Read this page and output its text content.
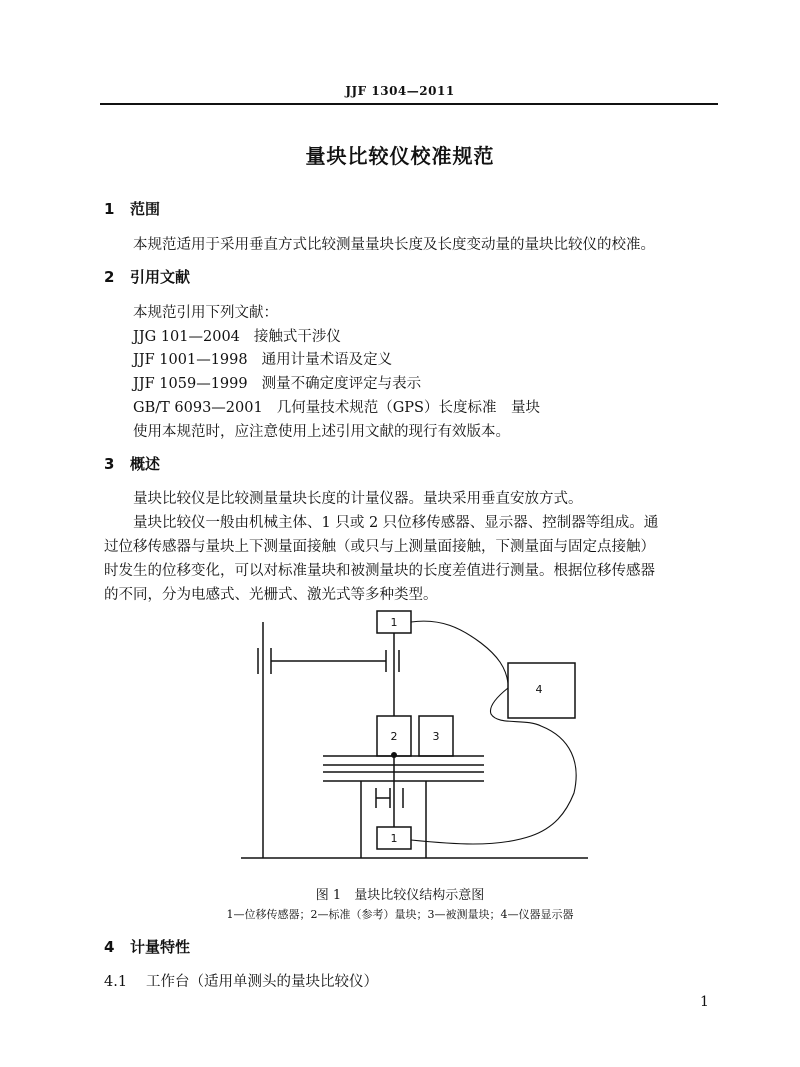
JJF 1304—2011
量块比较仪校准规范
1 范围
本规范适用于采用垂直方式比较测量量块长度及长度变动量的量块比较仪的校准。
2 引用文献
本规范引用下列文献：
JJG 101—2004 接触式干涉仪
JJF 1001—1998 通用计量术语及定义
JJF 1059—1999 测量不确定度评定与表示
GB/T 6093—2001 几何量技术规范（GPS）长度标准　量块
使用本规范时，应注意使用上述引用文献的现行有效版本。
3 概述
量块比较仪是比较测量量块长度的计量仪器。量块采用垂直安放方式。
量块比较仪一般由机械主体、1 只或 2 只位移传感器、显示器、控制器等组成。通
过位移传感器与量块上下测量面接触（或只与上测量面接触，下测量面与固定点接触）
时发生的位移变化，可以对标准量块和被测量块的长度差值进行测量。根据位移传感器
的不同，分为电感式、光栅式、激光式等多种类型。
1
2	3
4
1
图 1　量块比较仪结构示意图
1—位移传感器；2—标准（参考）量块；3—被测量块；4—仪器显示器
4 计量特性
4.1 工作台（适用单测头的量块比较仪）
1
